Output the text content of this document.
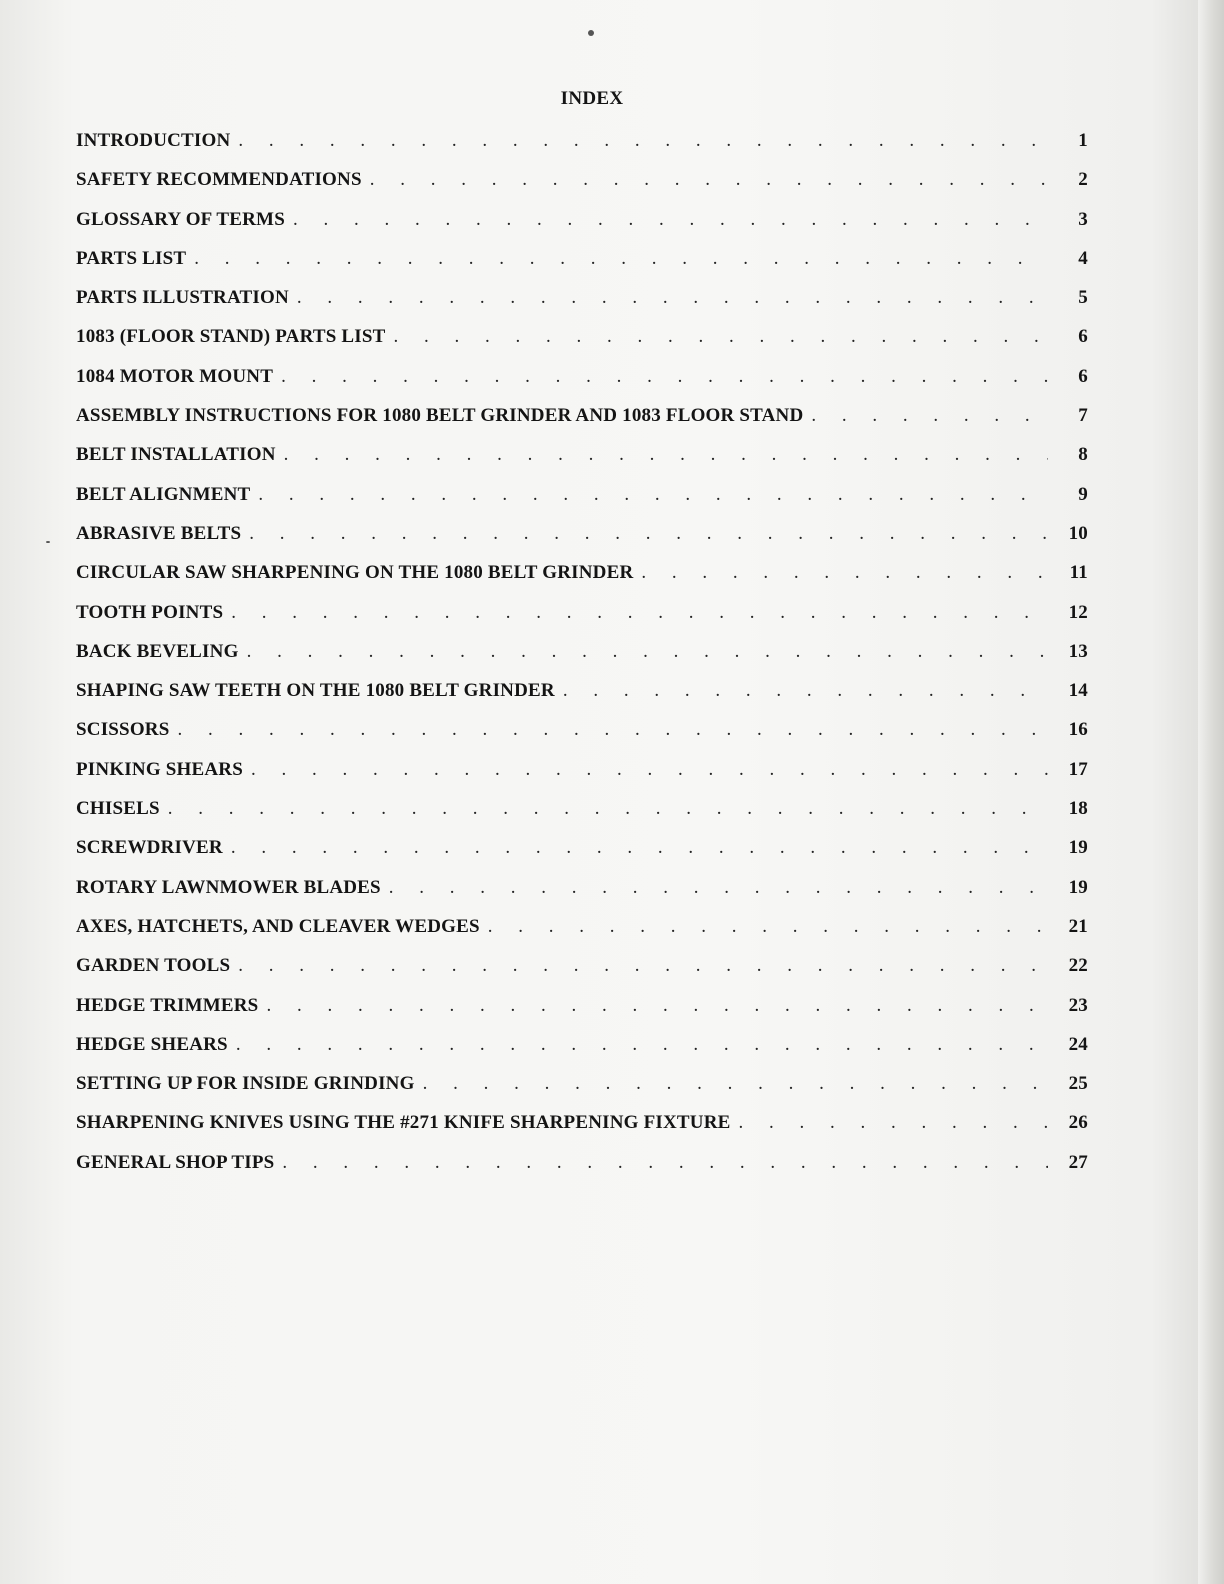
INDEX
INTRODUCTION . . .	1
SAFETY RECOMMENDATIONS . . .	2
GLOSSARY OF TERMS . . .	3
PARTS LIST . . .	4
PARTS ILLUSTRATION . . .	5
1083 (FLOOR STAND) PARTS LIST . . .	6
1084 MOTOR MOUNT . . .	6
ASSEMBLY INSTRUCTIONS FOR 1080 BELT GRINDER AND 1083 FLOOR STAND . . .	7
BELT INSTALLATION . . .	8
BELT ALIGNMENT . . .	9
ABRASIVE BELTS . . .	10
CIRCULAR SAW SHARPENING ON THE 1080 BELT GRINDER . . .	11
TOOTH POINTS . . .	12
BACK BEVELING . . .	13
SHAPING SAW TEETH ON THE 1080 BELT GRINDER . . .	14
SCISSORS . . .	16
PINKING SHEARS . . .	17
CHISELS . . .	18
SCREWDRIVER . . .	19
ROTARY LAWNMOWER BLADES . . .	19
AXES, HATCHETS, AND CLEAVER WEDGES . . .	21
GARDEN TOOLS . . .	22
HEDGE TRIMMERS . . .	23
HEDGE SHEARS . . .	24
SETTING UP FOR INSIDE GRINDING . . .	25
SHARPENING KNIVES USING THE #271 KNIFE SHARPENING FIXTURE . . .	26
GENERAL SHOP TIPS . . .	27
